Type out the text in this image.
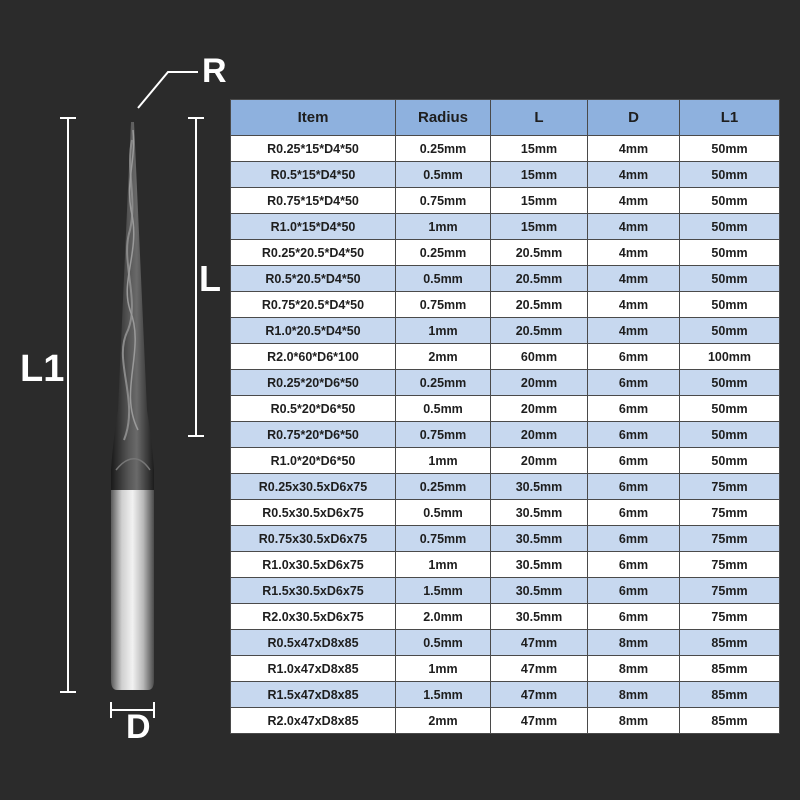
R
L
L1
D
Item	Radius	L	D	L1
R0.25*15*D4*50	0.25mm	15mm	4mm	50mm
R0.5*15*D4*50	0.5mm	15mm	4mm	50mm
R0.75*15*D4*50	0.75mm	15mm	4mm	50mm
R1.0*15*D4*50	1mm	15mm	4mm	50mm
R0.25*20.5*D4*50	0.25mm	20.5mm	4mm	50mm
R0.5*20.5*D4*50	0.5mm	20.5mm	4mm	50mm
R0.75*20.5*D4*50	0.75mm	20.5mm	4mm	50mm
R1.0*20.5*D4*50	1mm	20.5mm	4mm	50mm
R2.0*60*D6*100	2mm	60mm	6mm	100mm
R0.25*20*D6*50	0.25mm	20mm	6mm	50mm
R0.5*20*D6*50	0.5mm	20mm	6mm	50mm
R0.75*20*D6*50	0.75mm	20mm	6mm	50mm
R1.0*20*D6*50	1mm	20mm	6mm	50mm
R0.25x30.5xD6x75	0.25mm	30.5mm	6mm	75mm
R0.5x30.5xD6x75	0.5mm	30.5mm	6mm	75mm
R0.75x30.5xD6x75	0.75mm	30.5mm	6mm	75mm
R1.0x30.5xD6x75	1mm	30.5mm	6mm	75mm
R1.5x30.5xD6x75	1.5mm	30.5mm	6mm	75mm
R2.0x30.5xD6x75	2.0mm	30.5mm	6mm	75mm
R0.5x47xD8x85	0.5mm	47mm	8mm	85mm
R1.0x47xD8x85	1mm	47mm	8mm	85mm
R1.5x47xD8x85	1.5mm	47mm	8mm	85mm
R2.0x47xD8x85	2mm	47mm	8mm	85mm
